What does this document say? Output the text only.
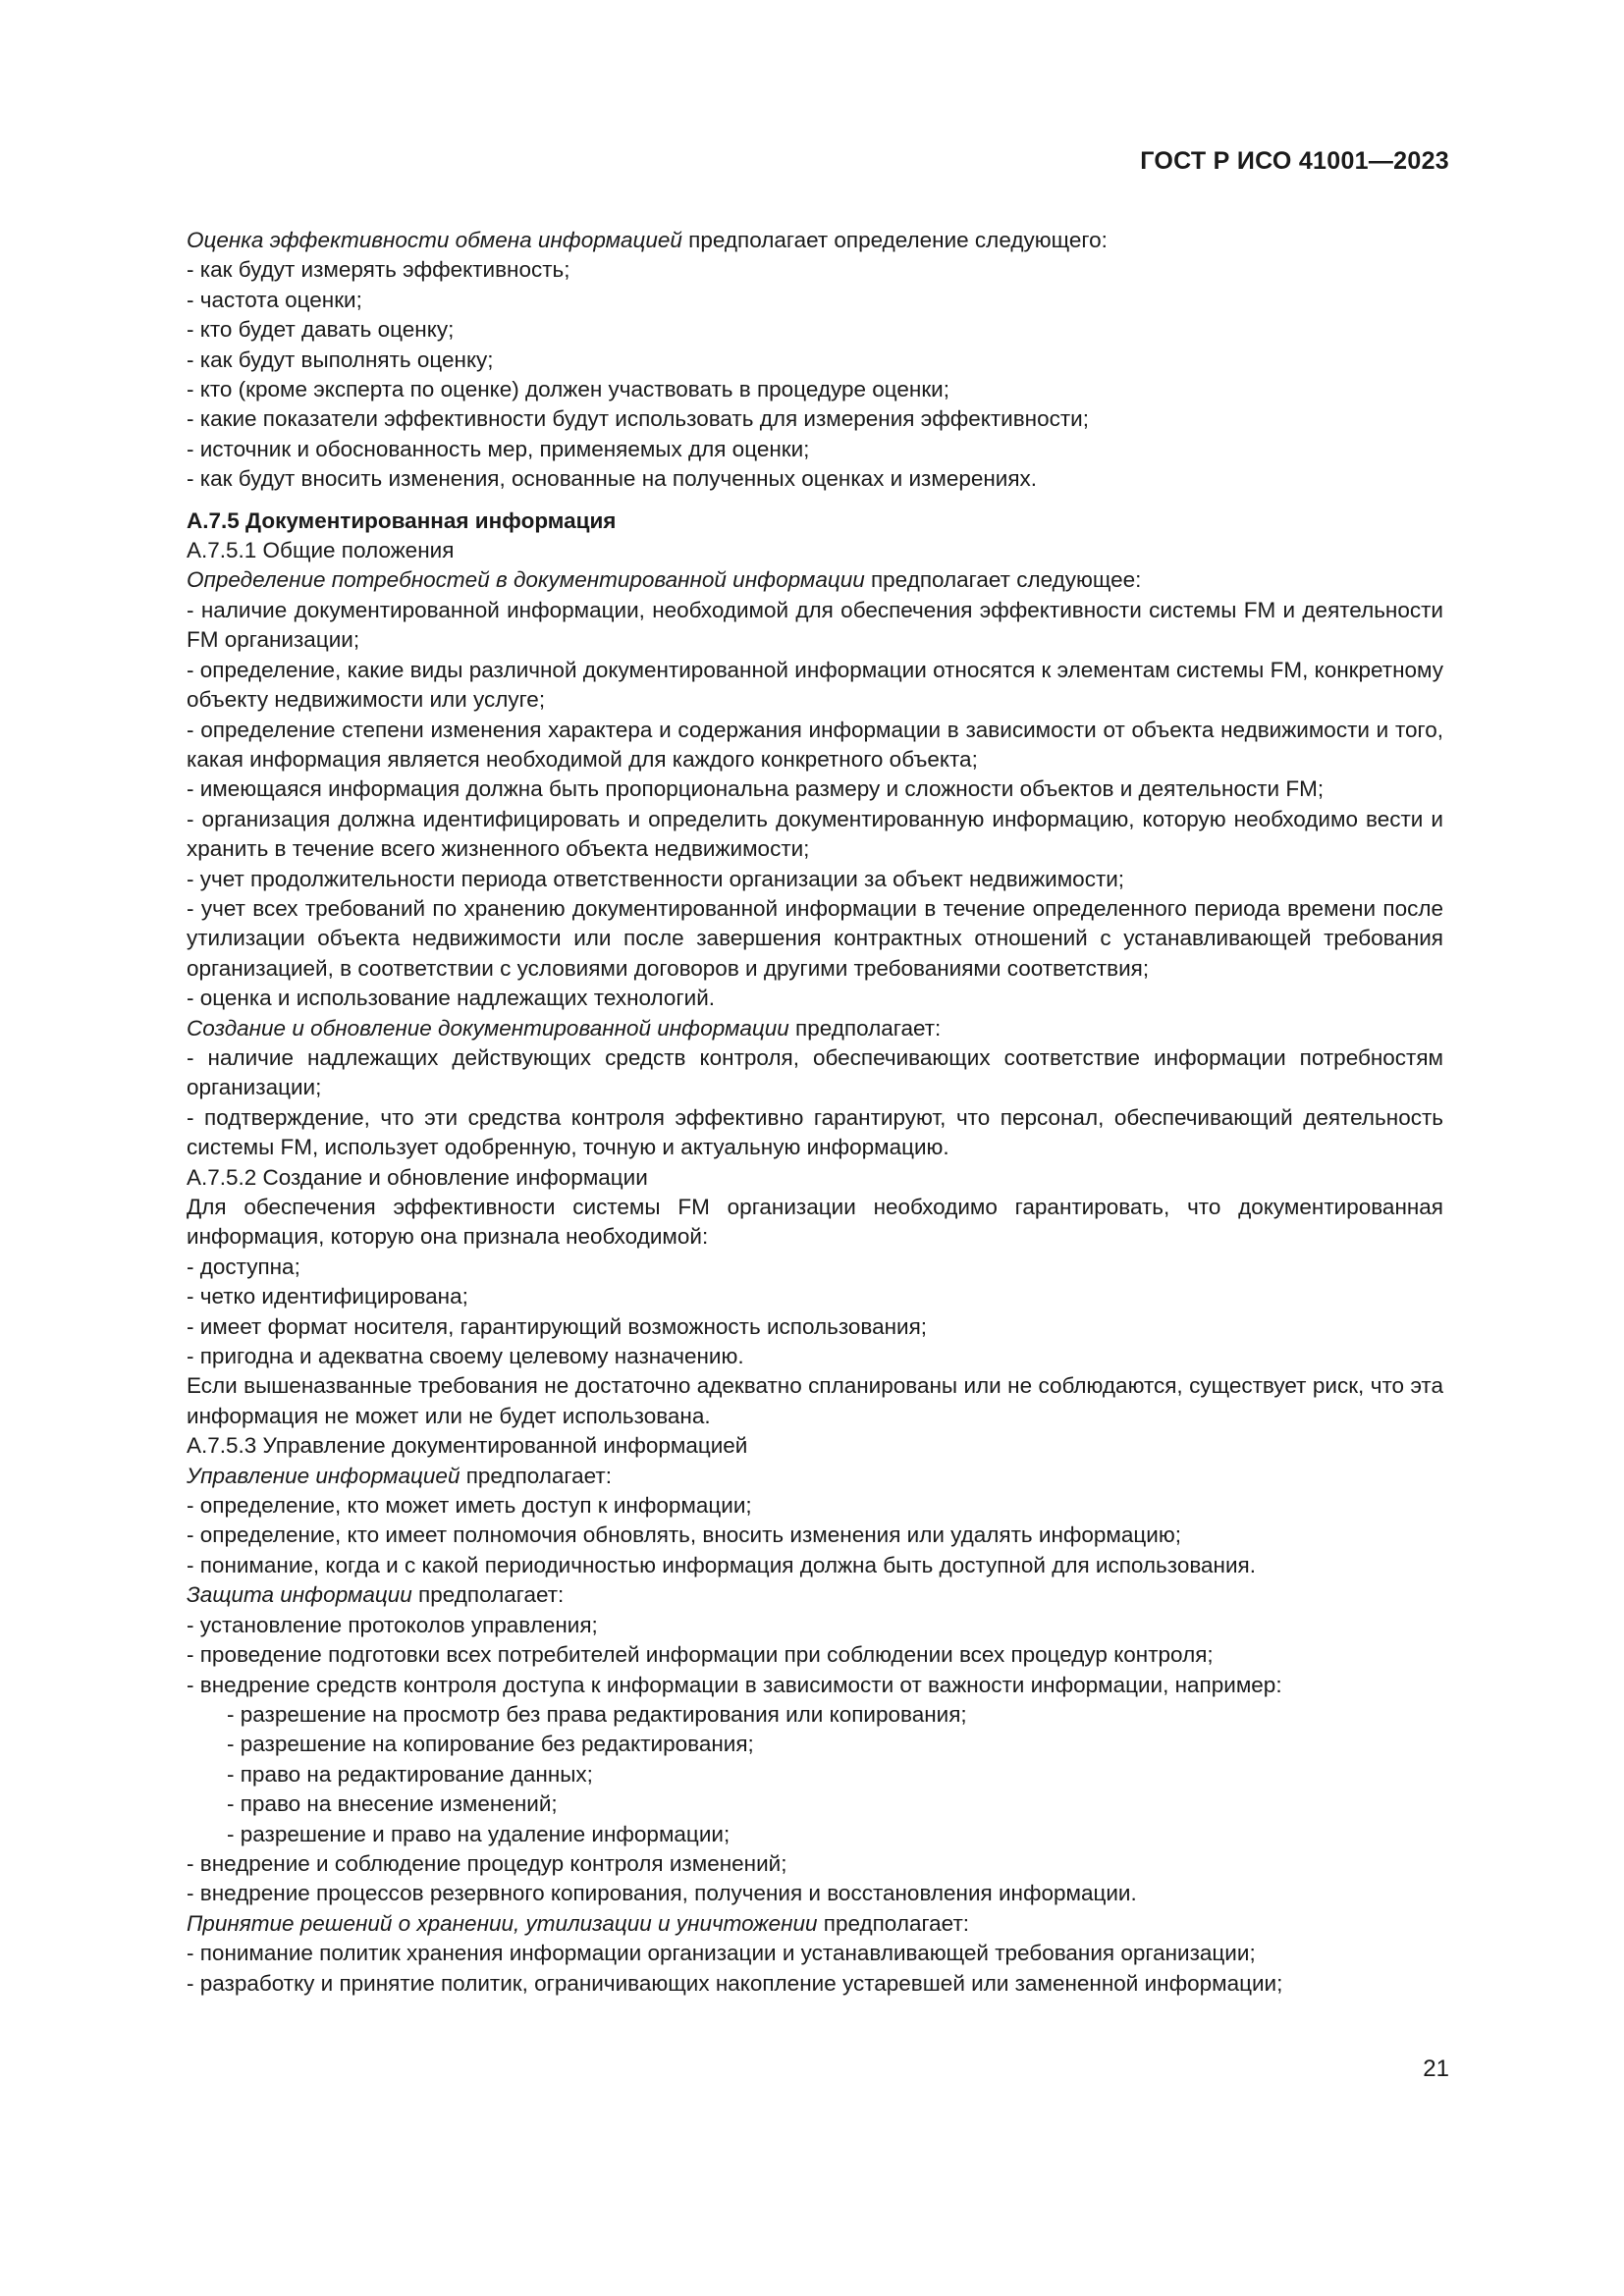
ГОСТ Р ИСО 41001—2023
Оценка эффективности обмена информацией предполагает определение следующего:
- как будут измерять эффективность;
- частота оценки;
- кто будет давать оценку;
- как будут выполнять оценку;
- кто (кроме эксперта по оценке) должен участвовать в процедуре оценки;
- какие показатели эффективности будут использовать для измерения эффективности;
- источник и обоснованность мер, применяемых для оценки;
- как будут вносить изменения, основанные на полученных оценках и измерениях.
А.7.5 Документированная информация
А.7.5.1 Общие положения
Определение потребностей в документированной информации предполагает следующее:
- наличие документированной информации, необходимой для обеспечения эффективности системы FM и деятельности FM организации;
- определение, какие виды различной документированной информации относятся к элементам системы FM, конкретному объекту недвижимости или услуге;
- определение степени изменения характера и содержания информации в зависимости от объекта недвижимости и того, какая информация является необходимой для каждого конкретного объекта;
- имеющаяся информация должна быть пропорциональна размеру и сложности объектов и деятельности FM;
- организация должна идентифицировать и определить документированную информацию, которую необходимо вести и хранить в течение всего жизненного объекта недвижимости;
- учет продолжительности периода ответственности организации за объект недвижимости;
- учет всех требований по хранению документированной информации в течение определенного периода времени после утилизации объекта недвижимости или после завершения контрактных отношений с устанавливающей требования организацией, в соответствии с условиями договоров и другими требованиями соответствия;
- оценка и использование надлежащих технологий.
Создание и обновление документированной информации предполагает:
- наличие надлежащих действующих средств контроля, обеспечивающих соответствие информации потребностям организации;
- подтверждение, что эти средства контроля эффективно гарантируют, что персонал, обеспечивающий деятельность системы FM, использует одобренную, точную и актуальную информацию.
А.7.5.2 Создание и обновление информации
Для обеспечения эффективности системы FM организации необходимо гарантировать, что документированная информация, которую она признала необходимой:
- доступна;
- четко идентифицирована;
- имеет формат носителя, гарантирующий возможность использования;
- пригодна и адекватна своему целевому назначению.
Если вышеназванные требования не достаточно адекватно спланированы или не соблюдаются, существует риск, что эта информация не может или не будет использована.
А.7.5.3 Управление документированной информацией
Управление информацией предполагает:
- определение, кто может иметь доступ к информации;
- определение, кто имеет полномочия обновлять, вносить изменения или удалять информацию;
- понимание, когда и с какой периодичностью информация должна быть доступной для использования.
Защита информации предполагает:
- установление протоколов управления;
- проведение подготовки всех потребителей информации при соблюдении всех процедур контроля;
- внедрение средств контроля доступа к информации в зависимости от важности информации, например:
- разрешение на просмотр без права редактирования или копирования;
- разрешение на копирование без редактирования;
- право на редактирование данных;
- право на внесение изменений;
- разрешение и право на удаление информации;
- внедрение и соблюдение процедур контроля изменений;
- внедрение процессов резервного копирования, получения и восстановления информации.
Принятие решений о хранении, утилизации и уничтожении предполагает:
- понимание политик хранения информации организации и устанавливающей требования организации;
- разработку и принятие политик, ограничивающих накопление устаревшей или замененной информации;
21
